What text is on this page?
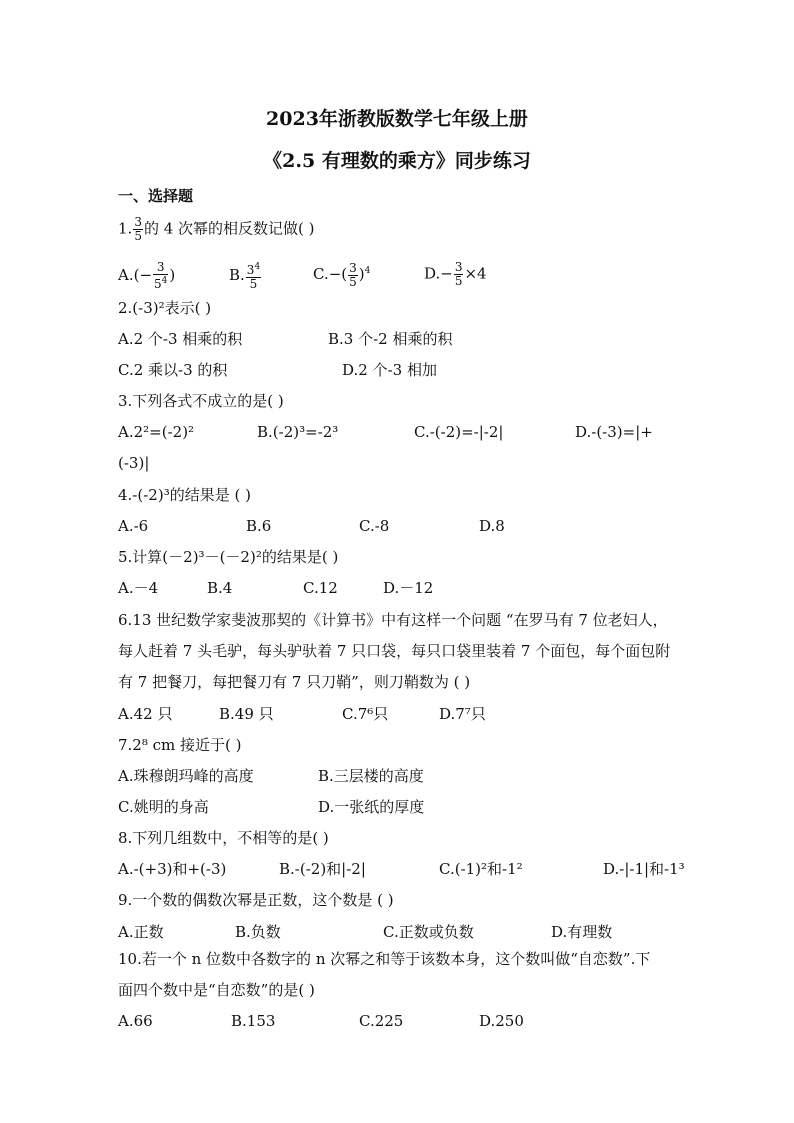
2023年浙教版数学七年级上册
《2.5 有理数的乘方》同步练习
一、选择题
1. $\frac{3}{5}$ 的 4 次幂的相反数记做( )
$A.(- \frac{3}{5^4}$ )	B. $\frac{3^4}{5}$	$C.-( \frac{3}{5} )^4$	$D.- \frac{3}{5} \times 4$
2.(-3)²表示( )
A.2 个-3 相乘的积	B.3 个-2 相乘的积
C.2 乘以-3 的积	D.2 个-3 相加
3.下列各式不成立的是( )
A.2²=(-2)²	B.(-2)³=-2³	C.-(-2)=-|-2|	D.-(-3)=|+
(-3)|
4.-(-2)³的结果是 ( )
A.-6	B.6	C.-8	D.8
5.计算(－2)³－(－2)²的结果是( )
A.－4	B.4	C.12	D.－12
6.13 世纪数学家斐波那契的《计算书》中有这样一个问题 “在罗马有 7 位老妇人，
每人赶着 7 头毛驴，每头驴驮着 7 只口袋，每只口袋里装着 7 个面包，每个面包附
有 7 把餐刀，每把餐刀有 7 只刀鞘”，则刀鞘数为 ( )
A.42 只	B.49 只	C.7⁶只	D.7⁷只
7.2⁸ cm 接近于( )
A.珠穆朗玛峰的高度	B.三层楼的高度
C.姚明的身高	D.一张纸的厚度
8.下列几组数中，不相等的是( )
A.-(+3)和+(-3)	B.-(-2)和|-2|	C.(-1)²和-1²	D.-|-1|和-1³
9.一个数的偶数次幂是正数，这个数是 ( )
A.正数	B.负数	C.正数或负数	D.有理数
10.若一个 n 位数中各数字的 n 次幂之和等于该数本身，这个数叫做“自恋数”.下
面四个数中是“自恋数”的是( )
A.66	B.153	C.225	D.250
